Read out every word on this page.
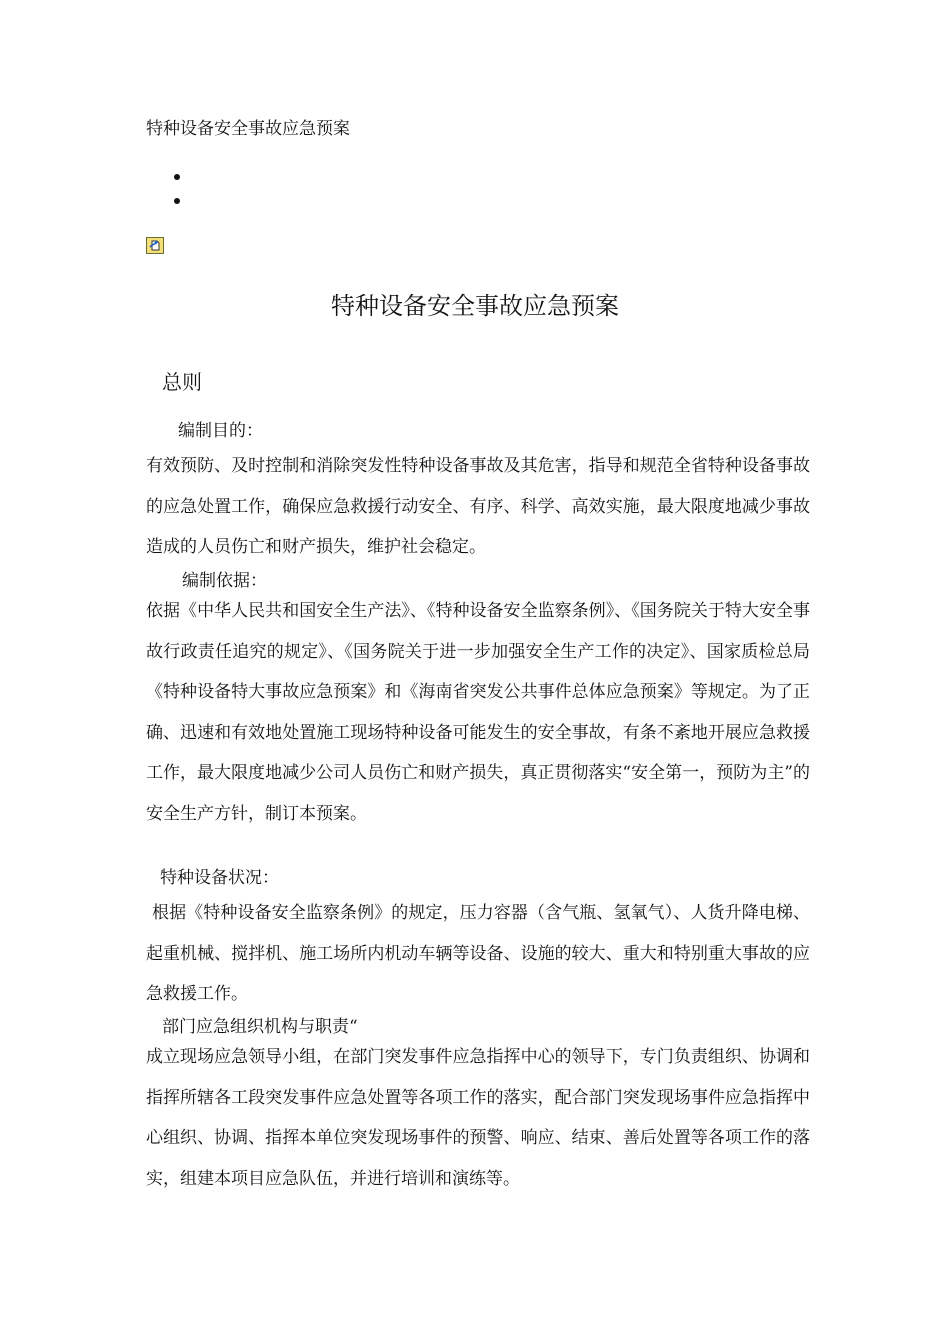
特种设备安全事故应急预案
特种设备安全事故应急预案
总则
编制目的：

有效预防、及时控制和消除突发性特种设备事故及其危害，指导和规范全省特种设备事故的应急处置工作，确保应急救援行动安全、有序、科学、高效实施，最大限度地减少事故造成的人员伤亡和财产损失，维护社会稳定。

编制依据：

依据《中华人民共和国安全生产法》、《特种设备安全监察条例》、《国务院关于特大安全事故行政责任追究的规定》、《国务院关于进一步加强安全生产工作的决定》、国家质检总局《特种设备特大事故应急预案》和《海南省突发公共事件总体应急预案》等规定。为了正确、迅速和有效地处置施工现场特种设备可能发生的安全事故，有条不紊地开展应急救援工作，最大限度地减少公司人员伤亡和财产损失，真正贯彻落实“安全第一，预防为主”的安全生产方针，制订本预案。

特种设备状况：

根据《特种设备安全监察条例》的规定，压力容器（含气瓶、氢氧气）、人货升降电梯、起重机械、搅拌机、施工场所内机动车辆等设备、设施的较大、重大和特别重大事故的应急救援工作。

部门应急组织机构与职责“

成立现场应急领导小组，在部门突发事件应急指挥中心的领导下，专门负责组织、协调和指挥所辖各工段突发事件应急处置等各项工作的落实，配合部门突发现场事件应急指挥中心组织、协调、指挥本单位突发现场事件的预警、响应、结束、善后处置等各项工作的落实，组建本项目应急队伍，并进行培训和演练等。
